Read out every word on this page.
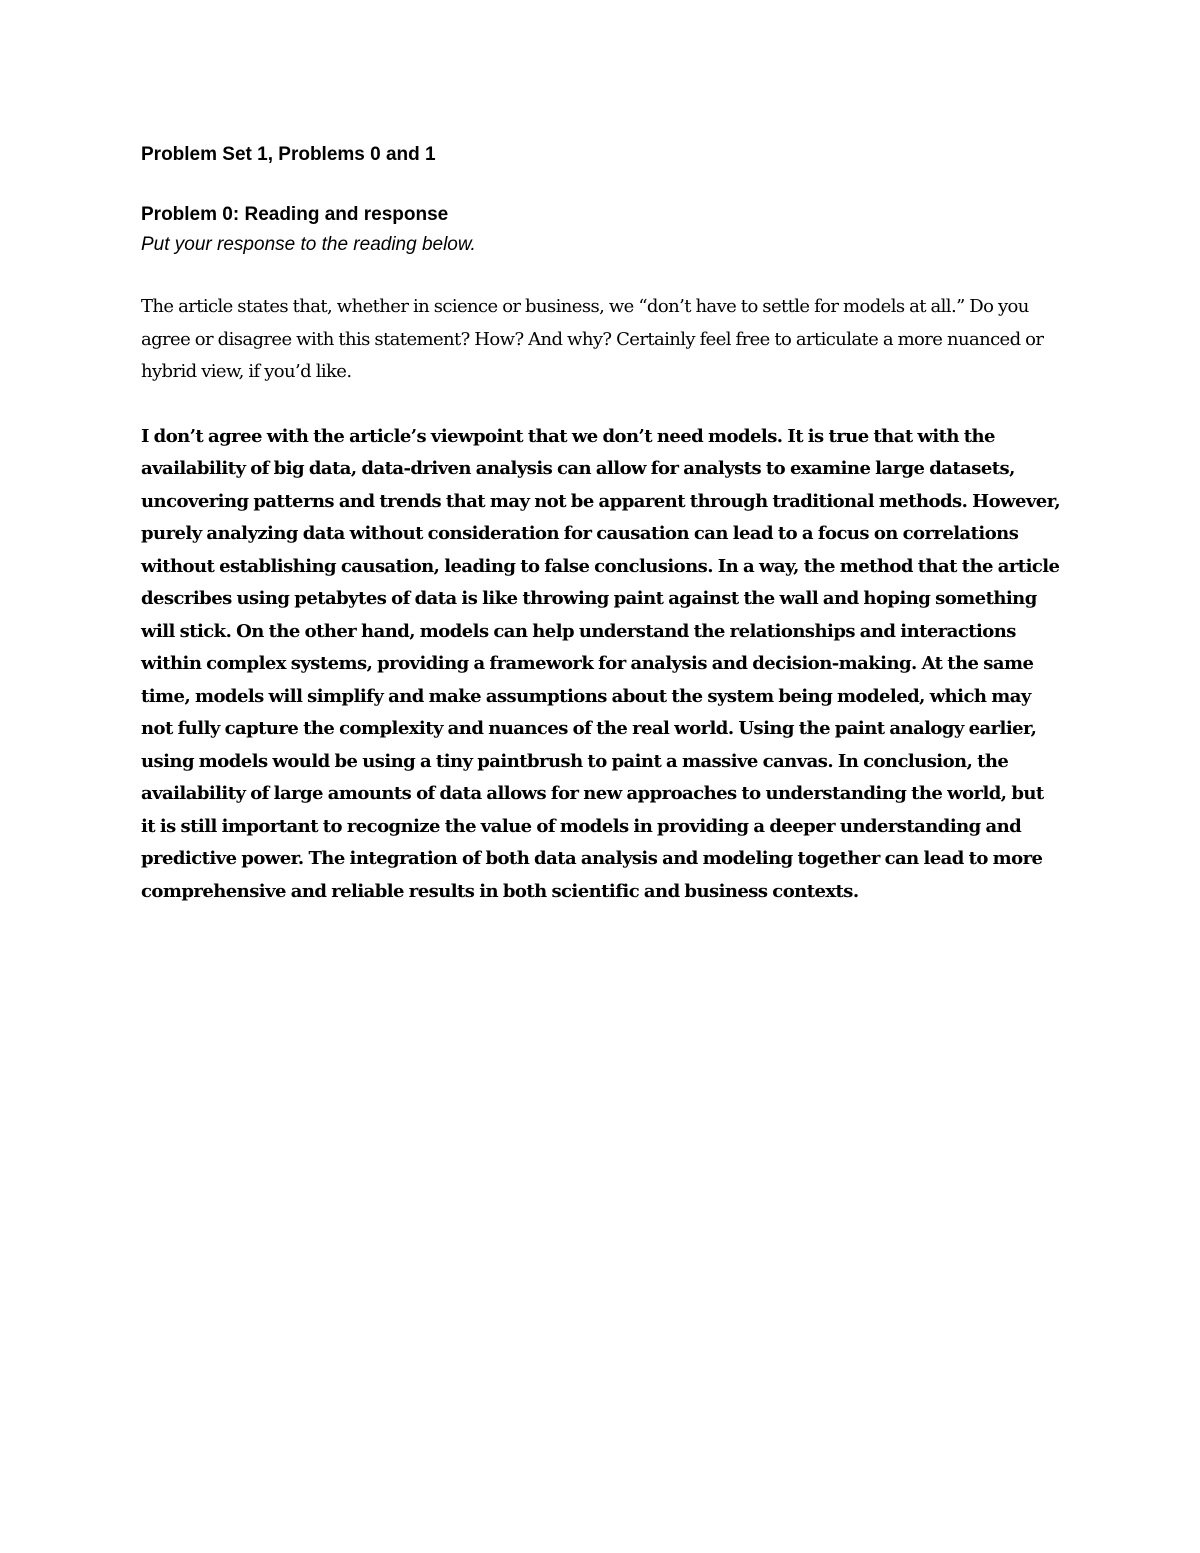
Problem Set 1, Problems 0 and 1
Problem 0: Reading and response
Put your response to the reading below.

The article states that, whether in science or business, we “don’t have to settle for models at all.” Do you agree or disagree with this statement? How? And why? Certainly feel free to articulate a more nuanced or hybrid view, if you’d like.

I don’t agree with the article’s viewpoint that we don’t need models. It is true that with the availability of big data, data-driven analysis can allow for analysts to examine large datasets, uncovering patterns and trends that may not be apparent through traditional methods. However, purely analyzing data without consideration for causation can lead to a focus on correlations without establishing causation, leading to false conclusions. In a way, the method that the article describes using petabytes of data is like throwing paint against the wall and hoping something will stick. On the other hand, models can help understand the relationships and interactions within complex systems, providing a framework for analysis and decision-making. At the same time, models will simplify and make assumptions about the system being modeled, which may not fully capture the complexity and nuances of the real world. Using the paint analogy earlier, using models would be using a tiny paintbrush to paint a massive canvas. In conclusion, the availability of large amounts of data allows for new approaches to understanding the world, but it is still important to recognize the value of models in providing a deeper understanding and predictive power. The integration of both data analysis and modeling together can lead to more comprehensive and reliable results in both scientific and business contexts.
